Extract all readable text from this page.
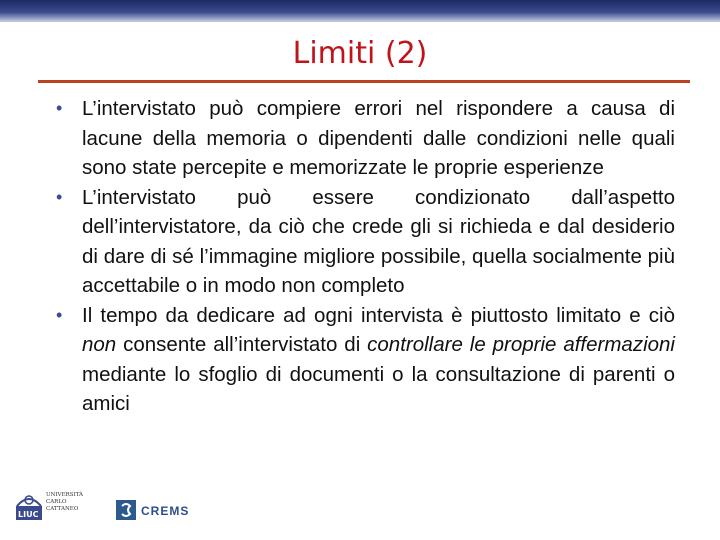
Limiti (2)
• L’intervistato può compiere errori nel rispondere a causa di lacune della memoria o dipendenti dalle condizioni nelle quali sono state percepite e memorizzate le proprie esperienze
• L’intervistato può essere condizionato dall’aspetto dell’intervistatore, da ciò che crede gli si richieda e dal desiderio di dare di sé l’immagine migliore possibile, quella socialmente più accettabile o in modo non completo
• Il tempo da dedicare ad ogni intervista è piuttosto limitato e ciò non consente all’intervistato di controllare le proprie affermazioni mediante lo sfoglio di documenti o la consultazione di parenti o amici
LIUC
UNIVERSITÀ
CARLO
CATTANEO	CREMS
